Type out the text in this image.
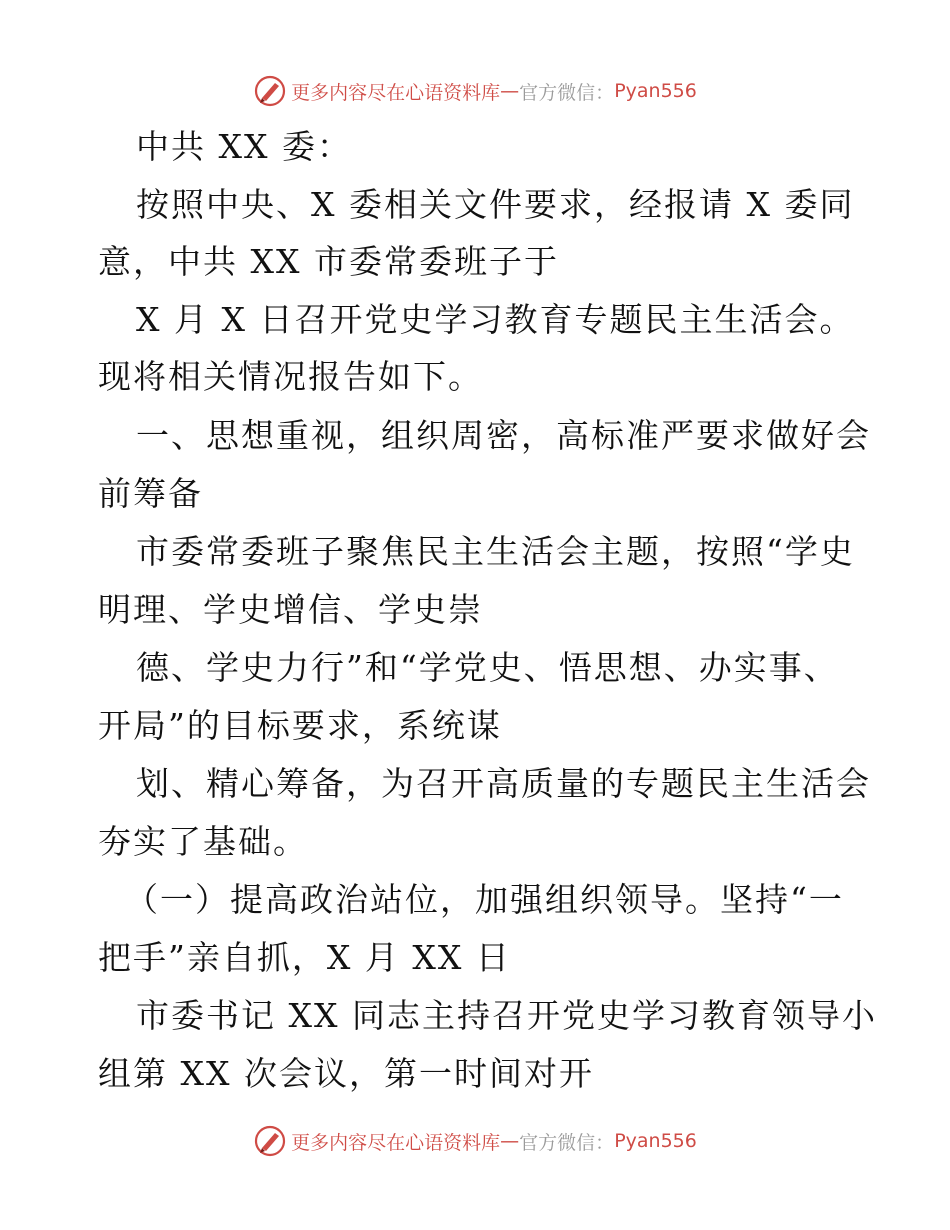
更多内容尽在心语资料库 — 官方微信： Pyan556
中共 XX 委：
按照中央、X 委相关文件要求，经报请 X 委同
意，中共 XX 市委常委班子于
X 月 X 日召开党史学习教育专题民主生活会。
现将相关情况报告如下。
一、思想重视，组织周密，高标准严要求做好会
前筹备
市委常委班子聚焦民主生活会主题，按照“学史
明理、学史增信、学史崇
德、学史力行”和“学党史、悟思想、办实事、
开局”的目标要求，系统谋
划、精心筹备，为召开高质量的专题民主生活会
夯实了基础。
（一）提高政治站位，加强组织领导。坚持“一
把手”亲自抓，X 月 XX 日
市委书记 XX 同志主持召开党史学习教育领导小
组第 XX 次会议，第一时间对开
更多内容尽在心语资料库 — 官方微信： Pyan556
